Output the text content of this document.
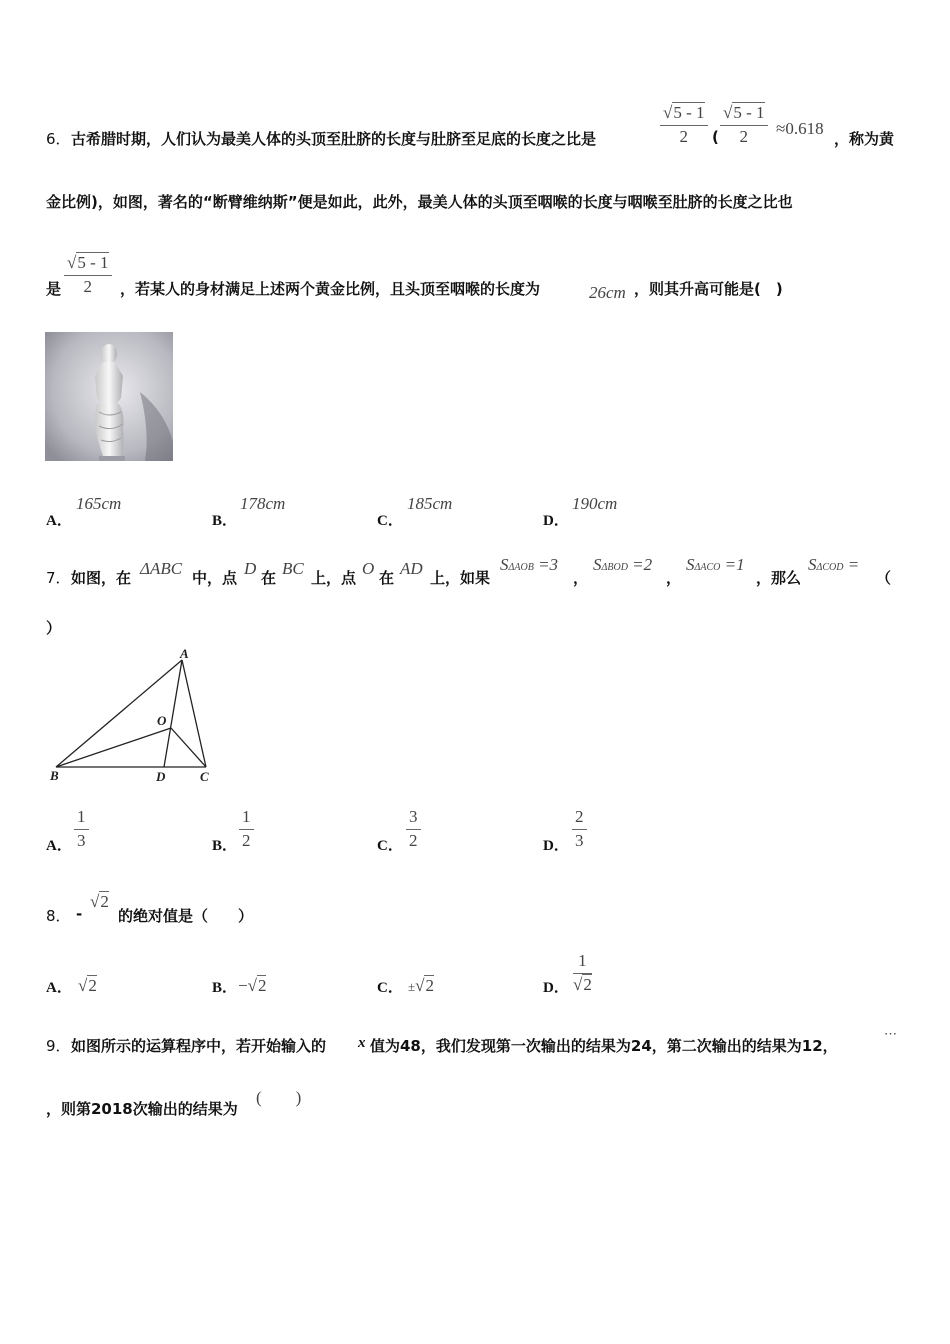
6． 古希腊时期，人们认为最美人体的头顶至肚脐的长度与肚脐至足底的长度之比是	$\frac{√5 - 1}{2}$ ( $\frac{√5 - 1}{2} \approx 0.618$
，称为黄
金比例)，如图，著名的“断臂维纳斯”便是如此，此外，最美人体的头顶至咽喉的长度与咽喉至肚脐的长度之比也
是 $\frac{√5 - 1}{2}$ ，若某人的身材满足上述两个黄金比例，且头顶至咽喉的长度为	26cm ，则其升高可能是(　)
A．
165cm
B．
178cm
C．
185cm
D．
190cm
7． 如图，在 ΔABC 中，点 D 在 BC 上，点 O 在 AD 上，如果
SΔAOB =3
，
SΔBOD =2
，
SΔACO =1
，那么
SΔCOD =
（
）
A
B	C
D
O
A． $\frac{1}{3}$	B． $\frac{1}{2}$	C． $\frac{3}{2}$	D． $\frac{2}{3}$
8． -
√2
的绝对值是（　　）
A． √2	B． −√2	C． ±√2	D． $\frac{1}{√2}$
9． 如图所示的运算程序中，若开始输入的 x 值为48，我们发现第一次输出的结果为24，第二次输出的结果为12，
⋯
，则第2018次输出的结果为
(　　)
